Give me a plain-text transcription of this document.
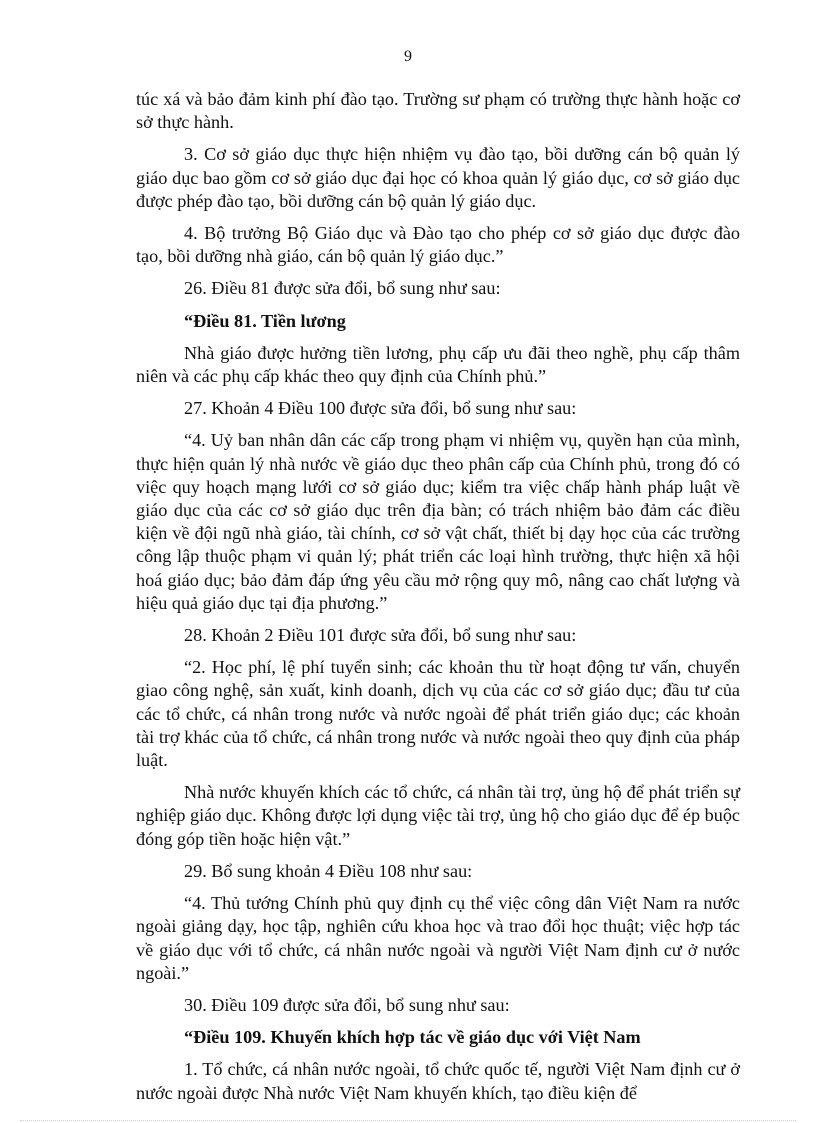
9

túc xá và bảo đảm kinh phí đào tạo. Trường sư phạm có trường thực hành hoặc cơ sở thực hành.

3. Cơ sở giáo dục thực hiện nhiệm vụ đào tạo, bồi dưỡng cán bộ quản lý giáo dục bao gồm cơ sở giáo dục đại học có khoa quản lý giáo dục, cơ sở giáo dục được phép đào tạo, bồi dưỡng cán bộ quản lý giáo dục.

4. Bộ trưởng Bộ Giáo dục và Đào tạo cho phép cơ sở giáo dục được đào tạo, bồi dưỡng nhà giáo, cán bộ quản lý giáo dục.”

26. Điều 81 được sửa đổi, bổ sung như sau:

“Điều 81. Tiền lương

Nhà giáo được hưởng tiền lương, phụ cấp ưu đãi theo nghề, phụ cấp thâm niên và các phụ cấp khác theo quy định của Chính phủ.”

27. Khoản 4 Điều 100 được sửa đổi, bổ sung như sau:

“4. Uỷ ban nhân dân các cấp trong phạm vi nhiệm vụ, quyền hạn của mình, thực hiện quản lý nhà nước về giáo dục theo phân cấp của Chính phủ, trong đó có việc quy hoạch mạng lưới cơ sở giáo dục; kiểm tra việc chấp hành pháp luật về giáo dục của các cơ sở giáo dục trên địa bàn; có trách nhiệm bảo đảm các điều kiện về đội ngũ nhà giáo, tài chính, cơ sở vật chất, thiết bị dạy học của các trường công lập thuộc phạm vi quản lý; phát triển các loại hình trường, thực hiện xã hội hoá giáo dục; bảo đảm đáp ứng yêu cầu mở rộng quy mô, nâng cao chất lượng và hiệu quả giáo dục tại địa phương.”

28. Khoản 2 Điều 101 được sửa đổi, bổ sung như sau:

“2. Học phí, lệ phí tuyển sinh; các khoản thu từ hoạt động tư vấn, chuyển giao công nghệ, sản xuất, kinh doanh, dịch vụ của các cơ sở giáo dục; đầu tư của các tổ chức, cá nhân trong nước và nước ngoài để phát triển giáo dục; các khoản tài trợ khác của tổ chức, cá nhân trong nước và nước ngoài theo quy định của pháp luật.

Nhà nước khuyến khích các tổ chức, cá nhân tài trợ, ủng hộ để phát triển sự nghiệp giáo dục. Không được lợi dụng việc tài trợ, ủng hộ cho giáo dục để ép buộc đóng góp tiền hoặc hiện vật.”

29. Bổ sung khoản 4 Điều 108 như sau:

“4. Thủ tướng Chính phủ quy định cụ thể việc công dân Việt Nam ra nước ngoài giảng dạy, học tập, nghiên cứu khoa học và trao đổi học thuật; việc hợp tác về giáo dục với tổ chức, cá nhân nước ngoài và người Việt Nam định cư ở nước ngoài.”

30. Điều 109 được sửa đổi, bổ sung như sau:

“Điều 109. Khuyến khích hợp tác về giáo dục với Việt Nam

1. Tổ chức, cá nhân nước ngoài, tổ chức quốc tế, người Việt Nam định cư ở nước ngoài được Nhà nước Việt Nam khuyến khích, tạo điều kiện để
